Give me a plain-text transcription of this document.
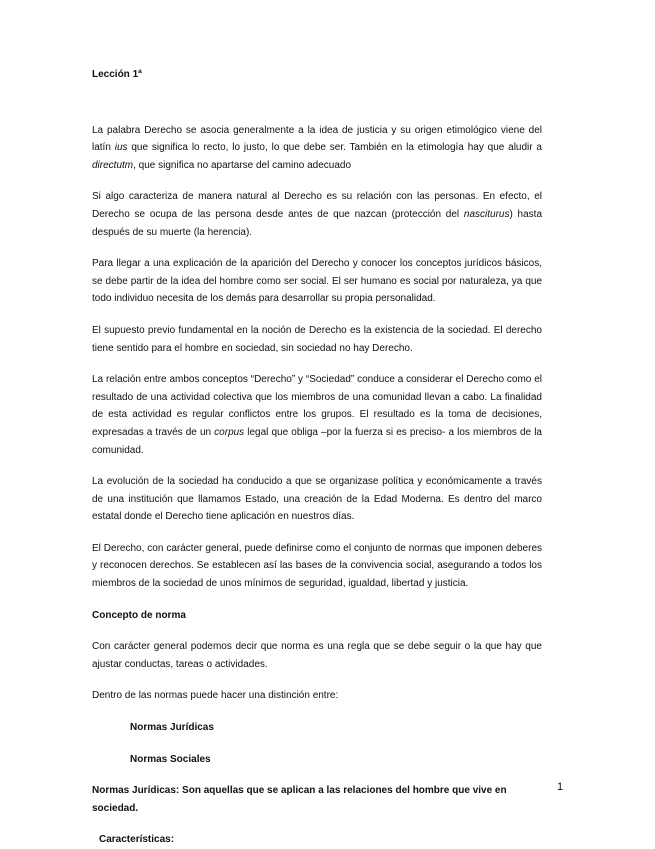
Lección 1ª

La palabra Derecho se asocia generalmente a la idea de justicia y su origen etimológico viene del latín ius que significa lo recto, lo justo, lo que debe ser. También en la etimología hay que aludir a directutm, que significa no apartarse del camino adecuado

Si algo caracteriza de manera natural al Derecho es su relación con las personas. En efecto, el Derecho se ocupa de las persona desde antes de que nazcan (protección del nasciturus) hasta después de su muerte (la herencia).

Para llegar a una explicación de la aparición del Derecho y conocer los conceptos jurídicos básicos, se debe partir de la idea del hombre como ser social. El ser humano es social por naturaleza, ya que todo individuo necesita de los demás para desarrollar su propia personalidad.

El supuesto previo fundamental en la noción de Derecho es la existencia de la sociedad. El derecho tiene sentido para el hombre en sociedad, sin sociedad no hay Derecho.

La relación entre ambos conceptos “Derecho” y “Sociedad” conduce a considerar el Derecho como el resultado de una actividad colectiva que los miembros de una comunidad llevan a cabo. La finalidad de esta actividad es regular conflictos entre los grupos. El resultado es la toma de decisiones, expresadas a través de un corpus legal que obliga –por la fuerza si es preciso- a los miembros de la comunidad.

La evolución de la sociedad ha conducido a que se organizase política y económicamente a través de una institución que llamamos Estado, una creación de la Edad Moderna. Es dentro del marco estatal donde el Derecho tiene aplicación en nuestros días.

El Derecho, con carácter general, puede definirse como el conjunto de normas que imponen deberes y reconocen derechos. Se establecen así las bases de la convivencia social, asegurando a todos los miembros de la sociedad de unos mínimos de seguridad, igualdad, libertad y justicia.

Concepto de norma

Con carácter general podemos decir que norma es una regla que se debe seguir o la que hay que ajustar conductas, tareas o actividades.

Dentro de las normas puede hacer una distinción entre:

Normas Jurídicas

Normas Sociales

Normas Jurídicas: Son aquellas que se aplican a las relaciones del hombre que vive en sociedad.

Características:

1
